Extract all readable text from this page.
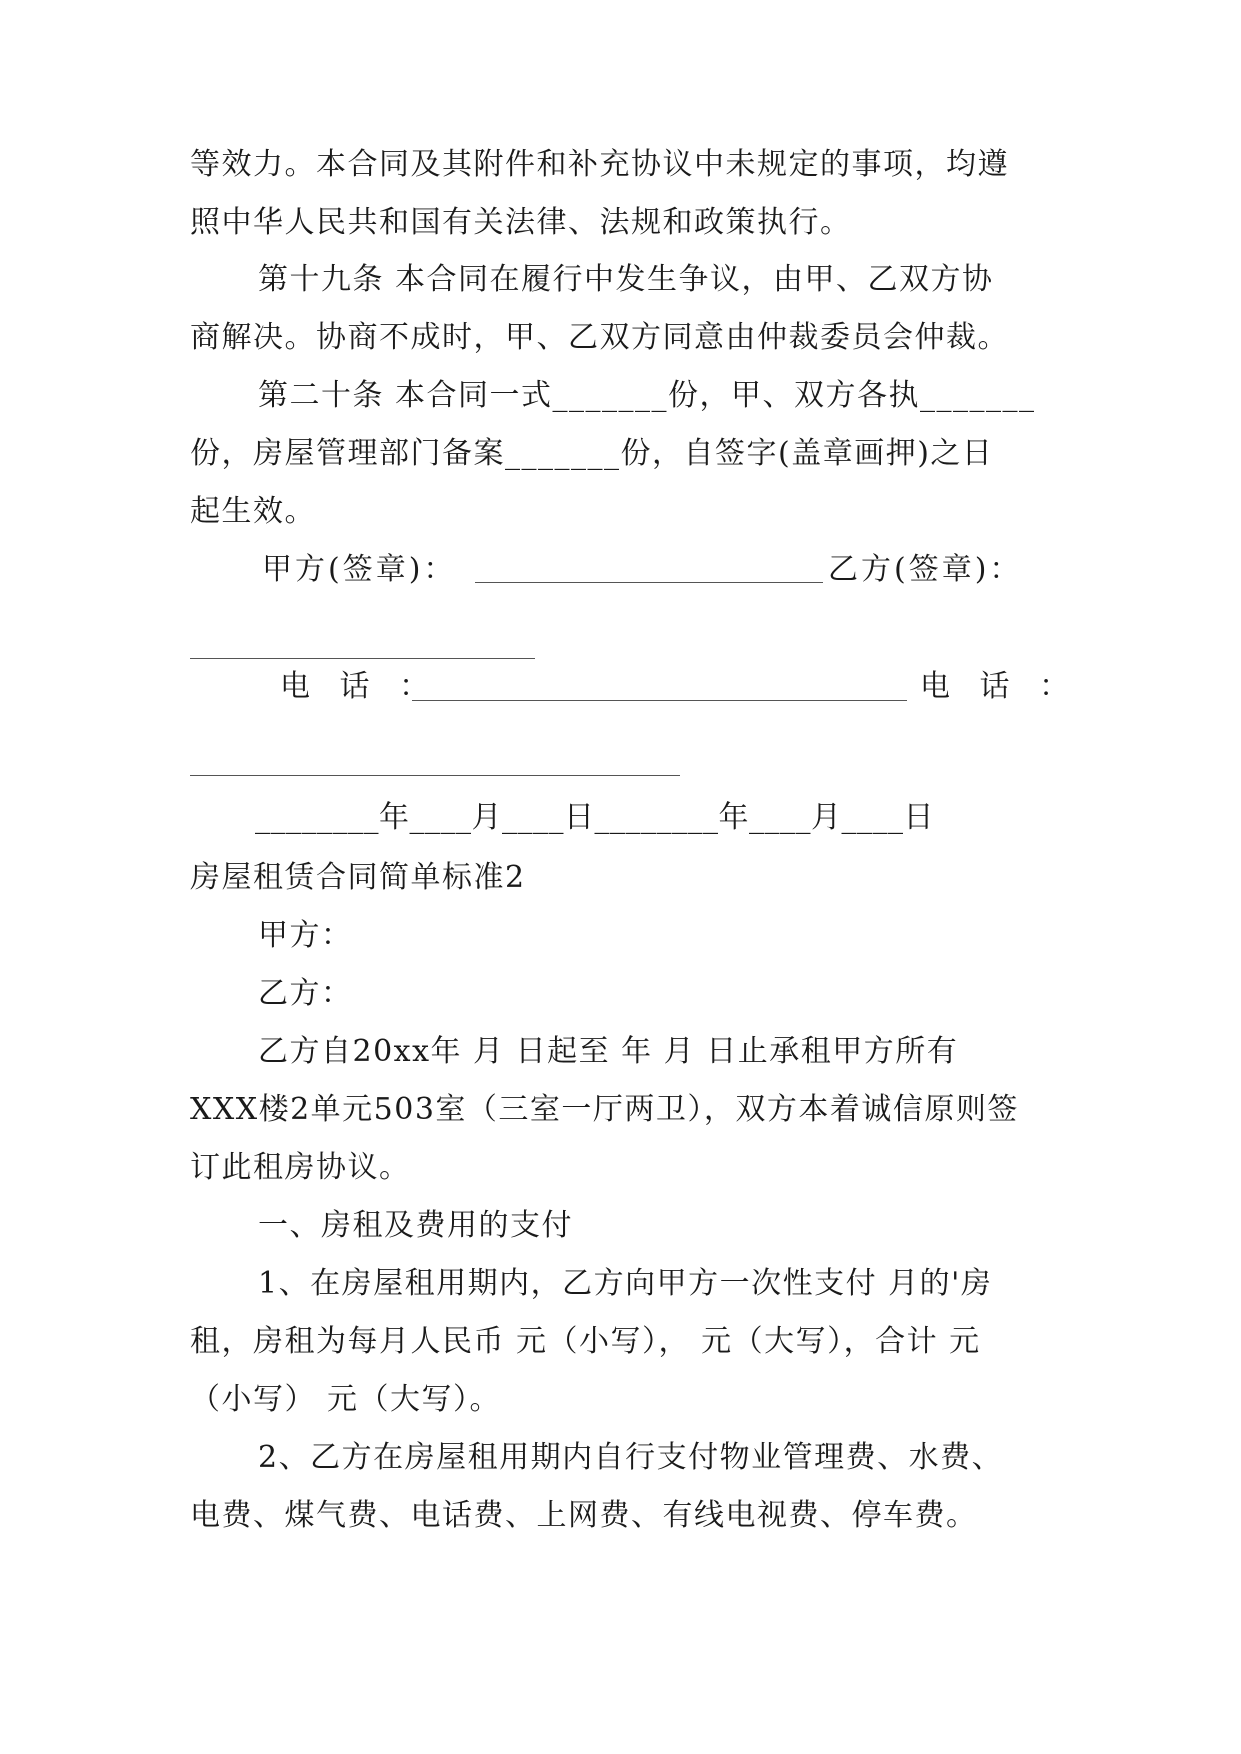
等效力。本合同及其附件和补充协议中未规定的事项，均遵
照中华人民共和国有关法律、法规和政策执行。
第十九条 本合同在履行中发生争议，由甲、乙双方协
商解决。协商不成时，甲、乙双方同意由仲裁委员会仲裁。
第二十条 本合同一式_______份，甲、双方各执_______
份，房屋管理部门备案_______份，自签字(盖章画押)之日
起生效。
甲方(签章)：	乙方(签章)：
电 话 ：	电 话 ：
________年____月____日________年____月____日
房屋租赁合同简单标准2
甲方：
乙方：
乙方自20xx年 月 日起至 年 月 日止承租甲方所有
XXX楼2单元503室（三室一厅两卫），双方本着诚信原则签
订此租房协议。
一、房租及费用的支付
1、在房屋租用期内，乙方向甲方一次性支付 月的'房
租，房租为每月人民币 元（小写）， 元（大写），合计 元
（小写） 元（大写）。
2、乙方在房屋租用期内自行支付物业管理费、水费、
电费、煤气费、电话费、上网费、有线电视费、停车费。
